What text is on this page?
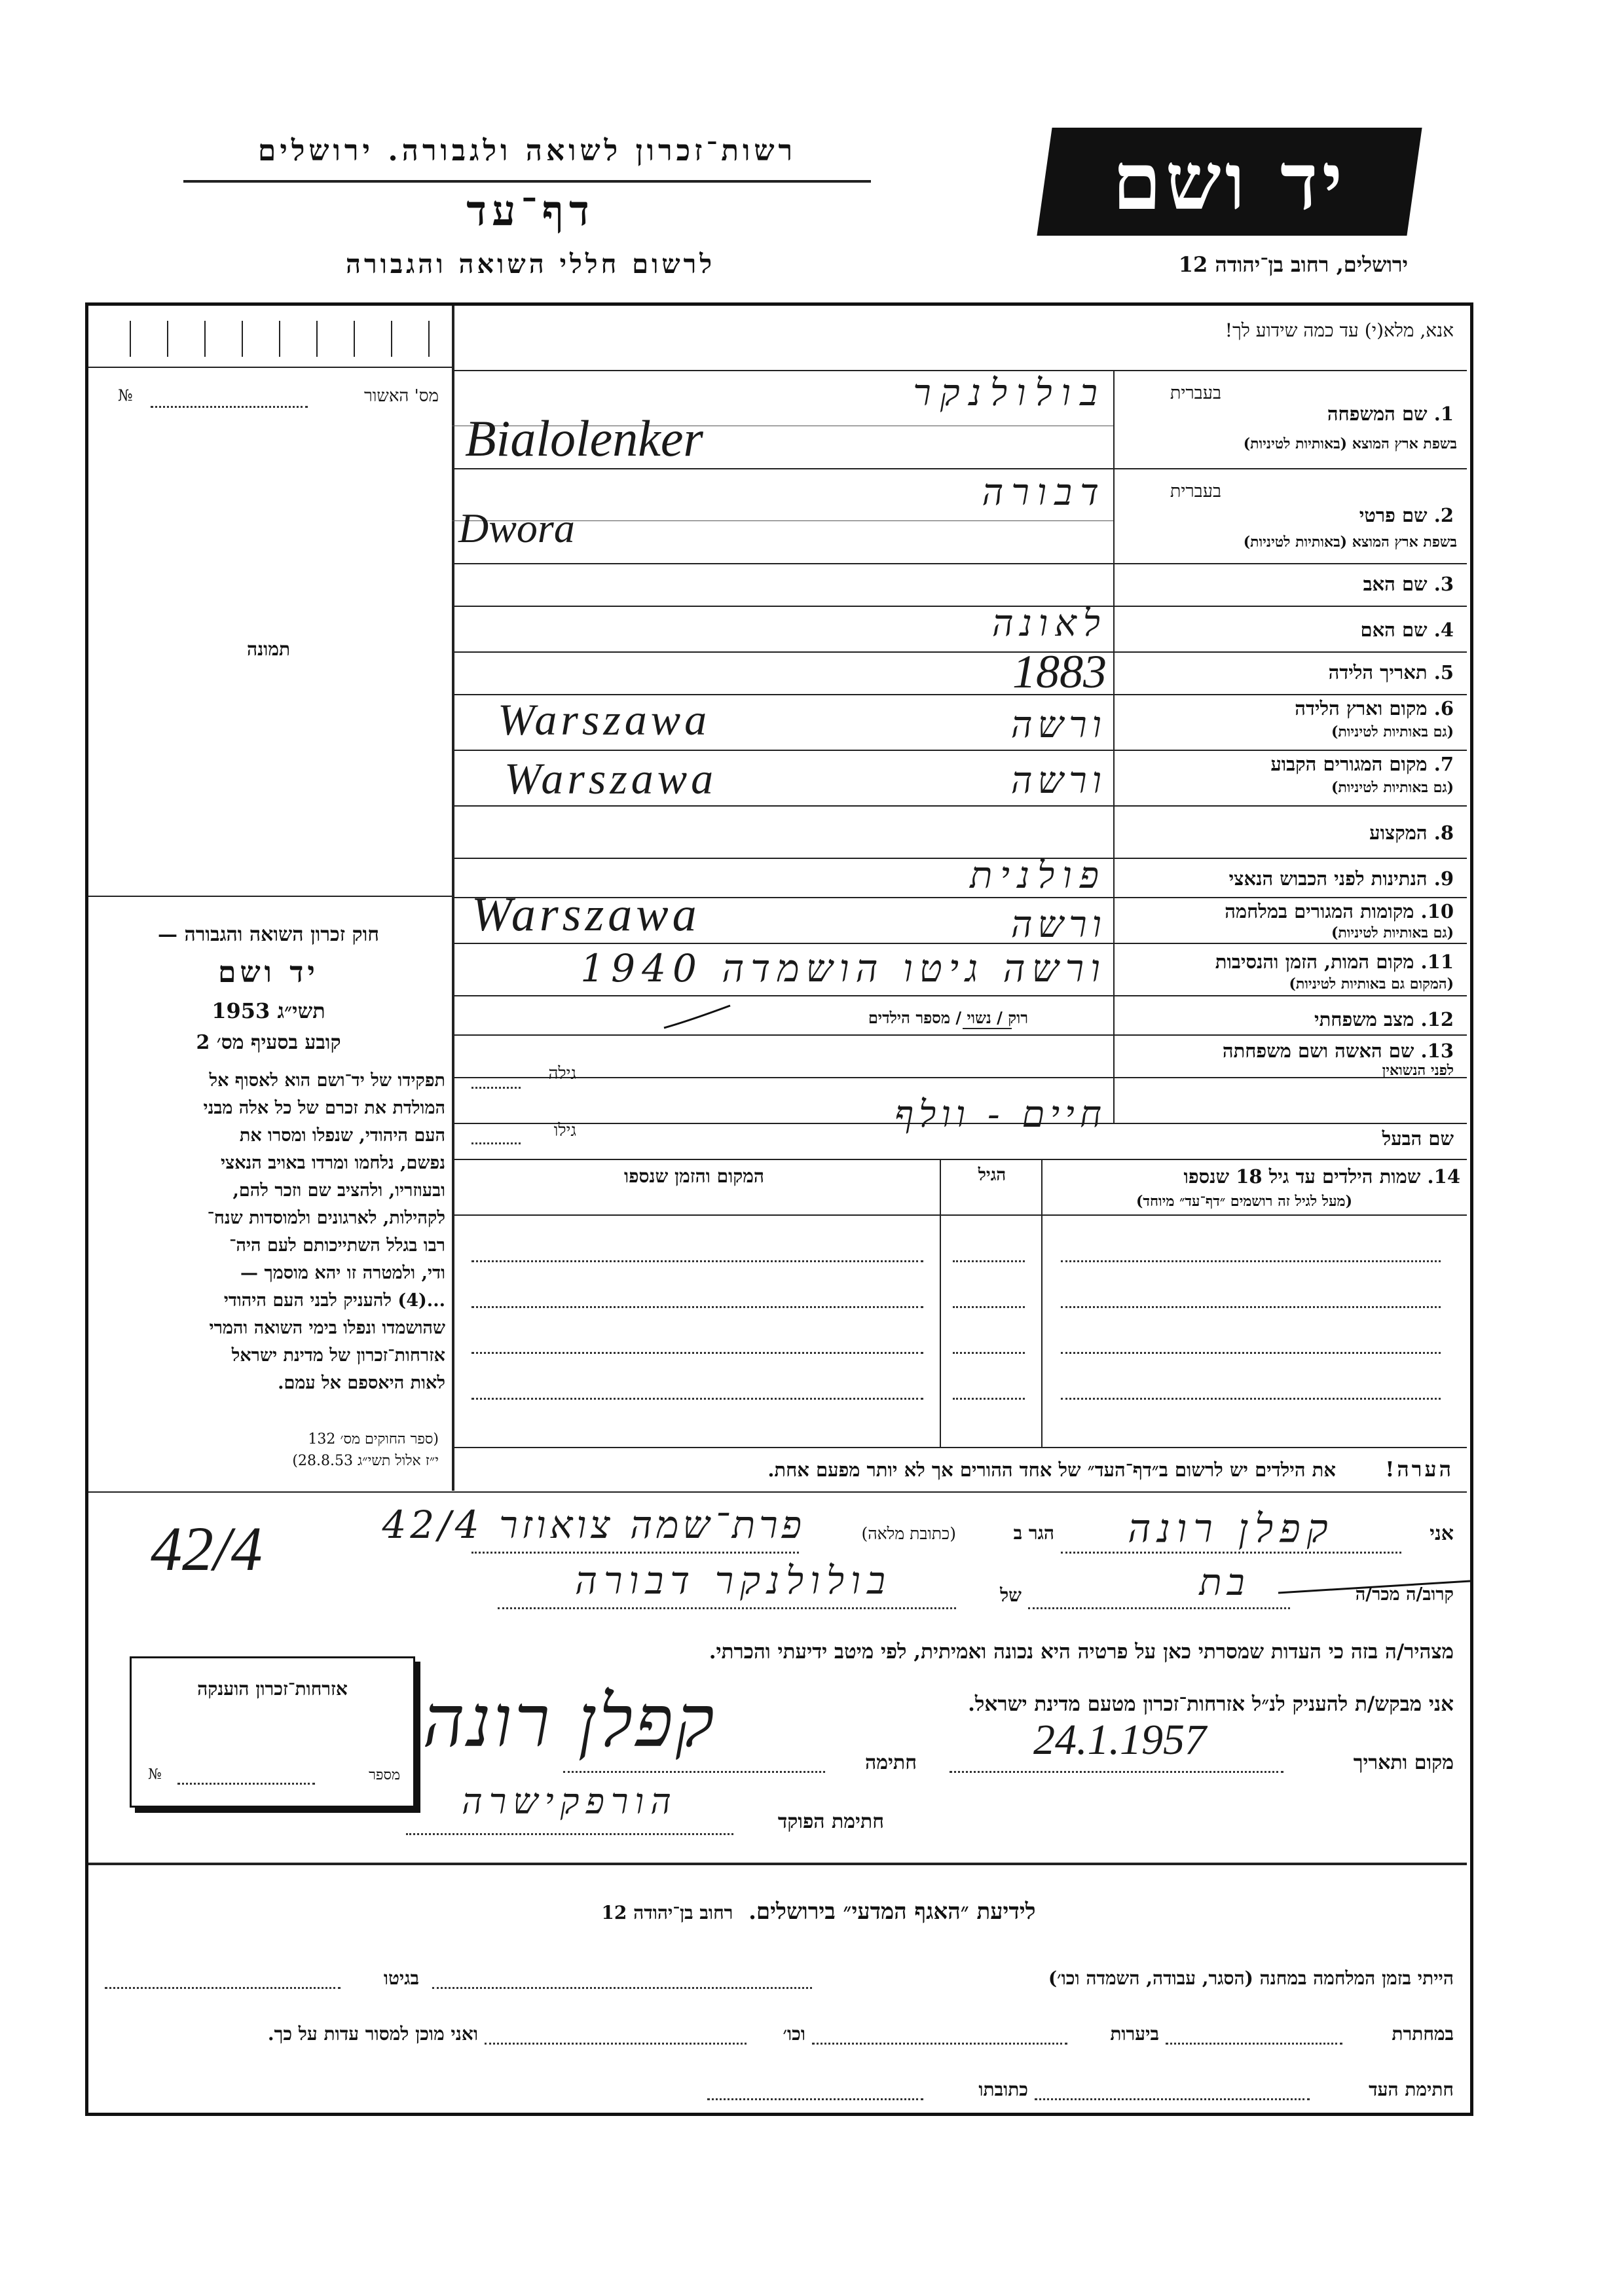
רשות־זכרון לשואה ולגבורה. ירושלים
דף־עד
לרשום חללי השואה והגבורה
יד ושם
ירושלים, רחוב בן־יהודה 12
אנא, מלא(י) עד כמה שידוע לך!
מס' האשור
№
תמונה
חוק זכרון השואה והגבורה —
יד ושם
תשי״ג 1953
קובע בסעיף מס׳ 2
תפקידו של יד־ושם הוא לאסוף אל
המולדת את זכרם של כל אלה מבני
העם היהודי, שנפלו ומסרו את
נפשם, נלחמו ומרדו באויב הנאצי
ובעוזריו, ולהציב שם וזכר להם,
לקהילות, לארגונים ולמוסדות שנח־
רבו בגלל השתייכותם לעם היה־
ודי, ולמטרה זו יהא מוסמך —
...(4) להעניק לבני העם היהודי
שהושמדו ונפלו בימי השואה והמרי
אזרחות־זכרון של מדינת ישראל
לאות היאספם אל עמם.
(ספר החוקים מס׳ 132
י״ז אלול תשי״ג 28.8.53)
בעברית
1. שם המשפחה
בשפת ארץ המוצא (באותיות לטיניות)
בולולנקר
Bialolenker
בעברית
2. שם פרטי
בשפת ארץ המוצא (באותיות לטיניות)
דבורה
Dwora
3. שם האב
4. שם האם
לאונה
5. תאריך הלידה
1883
6. מקום וארץ הלידה
(גם באותיות לטיניות)
ורשה
Warszawa
7. מקום המגורים הקבוע
(גם באותיות לטיניות)
ורשה
Warszawa
8. המקצוע
9. הנתינות לפני הכבוש הנאצי
פולנית
10. מקומות המגורים במלחמה
(גם באותיות לטיניות)
Warszawa	ורשה
11. מקום המות, הזמן והנסיבות
(המקום גם באותיות לטיניות)
ורשה גיטו הושמדה 1940
12. מצב משפחתי
רוק / נשוי / מספר הילדים
13. שם האשה ושם משפחתה
לפני הנשואין
גילה
שם הבעל
חיים - וולף
גילו
14. שמות הילדים עד גיל 18 שנספו
(מעל לגיל זה רושמים ״דף־עד״ מיוחד)
הגיל
המקום והזמן שנספו
הערה!
את הילדים יש לרשום ב״דף־העד״ של אחד ההורים אך לא יותר מפעם אחת.
אני
קפלן רונה
הגר ב
(כתובת מלאה)
פרת־שמה צואוזר 42/4
קרוב/ה מכר/ה
בת
של
בולולנקר דבורה
מצהיר/ה בזה כי העדות שמסרתי כאן על פרטיה היא נכונה ואמיתית, לפי מיטב ידיעתי והכרתי.
אני מבקש/ת להעניק לנ״ל אזרחות־זכרון מטעם מדינת ישראל.
מקום ותאריך
24.1.1957
חתימה
קפלן רונה
חתימת הפוקד
הורפקישרה
אזרחות־זכרון הוענקה
מספר
№
42/4
לידיעת ״האגף המדעי״ בירושלים.  רחוב בן־יהודה 12
הייתי בזמן המלחמה במחנה (הסגר, עבודה, השמדה וכו׳)
בגיטו
במחתרת
ביערות
וכו׳
ואני מוכן למסור עדות על כך.
חתימת העד
כתובתו
